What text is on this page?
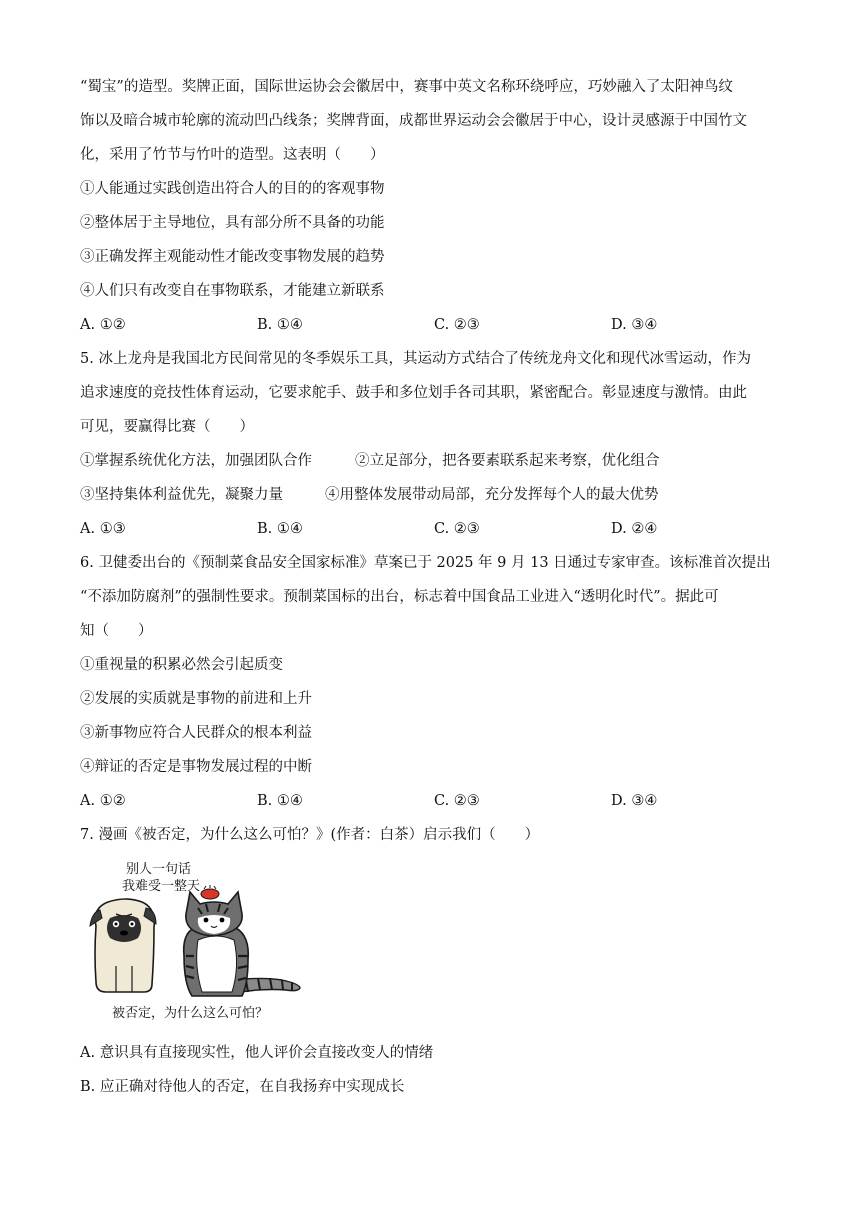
“蜀宝”的造型。奖牌正面，国际世运协会会徽居中，赛事中英文名称环绕呼应，巧妙融入了太阳神鸟纹
饰以及暗合城市轮廓的流动凹凸线条；奖牌背面，成都世界运动会会徽居于中心，设计灵感源于中国竹文
化，采用了竹节与竹叶的造型。这表明（　　）
①人能通过实践创造出符合人的目的的客观事物
②整体居于主导地位，具有部分所不具备的功能
③正确发挥主观能动性才能改变事物发展的趋势
④人们只有改变自在事物联系，才能建立新联系
A. ①②	B. ①④	C. ②③	D. ③④
5. 冰上龙舟是我国北方民间常见的冬季娱乐工具，其运动方式结合了传统龙舟文化和现代冰雪运动，作为
追求速度的竞技性体育运动，它要求舵手、鼓手和多位划手各司其职，紧密配合。彰显速度与激情。由此
可见，要赢得比赛（　　）
①掌握系统优化方法，加强团队合作	②立足部分，把各要素联系起来考察，优化组合
③坚持集体利益优先，凝聚力量	④用整体发展带动局部，充分发挥每个人的最大优势
A. ①③	B. ①④	C. ②③	D. ②④
6. 卫健委出台的《预制菜食品安全国家标准》草案已于 2025 年 9 月 13 日通过专家审查。该标准首次提出
“不添加防腐剂”的强制性要求。预制菜国标的出台，标志着中国食品工业进入“透明化时代”。据此可
知（　　）
①重视量的积累必然会引起质变
②发展的实质就是事物的前进和上升
③新事物应符合人民群众的根本利益
④辩证的否定是事物发展过程的中断
A. ①②	B. ①④	C. ②③	D. ③④
7. 漫画《被否定，为什么这么可怕？》(作者：白茶）启示我们（　　）
别人一句话
我难受一整天
被否定，为什么这么可怕？
A. 意识具有直接现实性，他人评价会直接改变人的情绪
B. 应正确对待他人的否定，在自我扬弃中实现成长
